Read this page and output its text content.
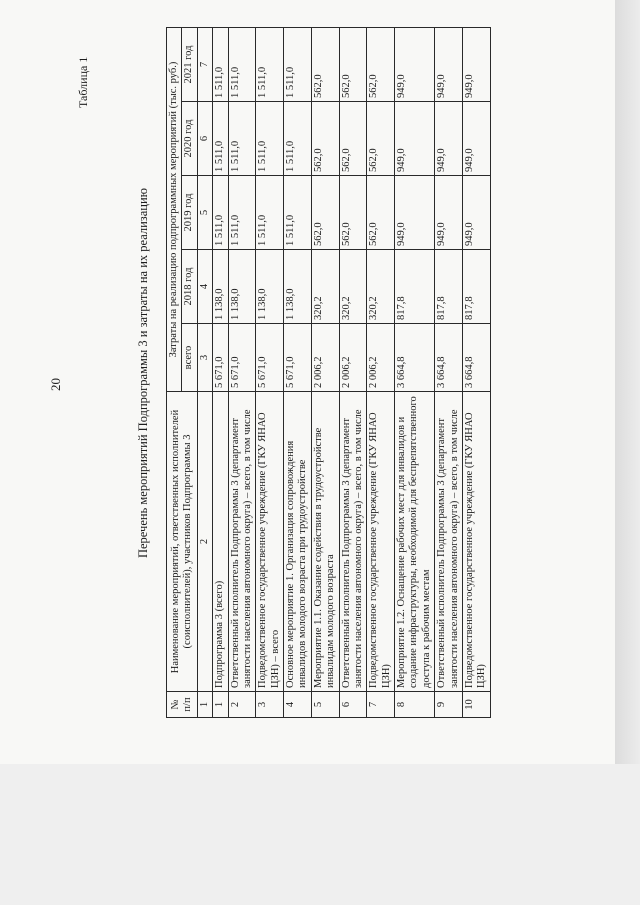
20
Таблица 1
Перечень мероприятий Подпрограммы 3 и затраты на их реализацию
№ п/п	Наименование мероприятий, ответственных исполнителей (соисполнителей), участников Подпрограммы 3	Затраты на реализацию подпрограммных мероприятий (тыс. руб.)				
		всего	2018 год	2019 год	2020 год	2021 год
1	2	3	4	5	6	7
1	Подпрограмма 3 (всего)	5 671,0	1 138,0	1 511,0	1 511,0	1 511,0
2	Ответственный исполнитель Подпрограммы 3 (департамент занятости населения автономного округа) – всего, в том числе	5 671,0	1 138,0	1 511,0	1 511,0	1 511,0
3	Подведомственное государственное учреждение (ГКУ ЯНАО ЦЗН) – всего	5 671,0	1 138,0	1 511,0	1 511,0	1 511,0
4	Основное мероприятие 1. Организация сопровождения инвалидов молодого возраста при трудоустройстве	5 671,0	1 138,0	1 511,0	1 511,0	1 511,0
5	Мероприятие 1.1. Оказание содействия в трудоустройстве инвалидам молодого возраста	2 006,2	320,2	562,0	562,0	562,0
6	Ответственный исполнитель Подпрограммы 3 (департамент занятости населения автономного округа) – всего, в том числе	2 006,2	320,2	562,0	562,0	562,0
7	Подведомственное государственное учреждение (ГКУ ЯНАО ЦЗН)	2 006,2	320,2	562,0	562,0	562,0
8	Мероприятие 1.2. Оснащение рабочих мест для инвалидов и создание инфраструктуры, необходимой для беспрепятственного доступа к рабочим местам	3 664,8	817,8	949,0	949,0	949,0
9	Ответственный исполнитель Подпрограммы 3 (департамент занятости населения автономного округа) – всего, в том числе	3 664,8	817,8	949,0	949,0	949,0
10	Подведомственное государственное учреждение (ГКУ ЯНАО ЦЗН)	3 664,8	817,8	949,0	949,0	949,0
